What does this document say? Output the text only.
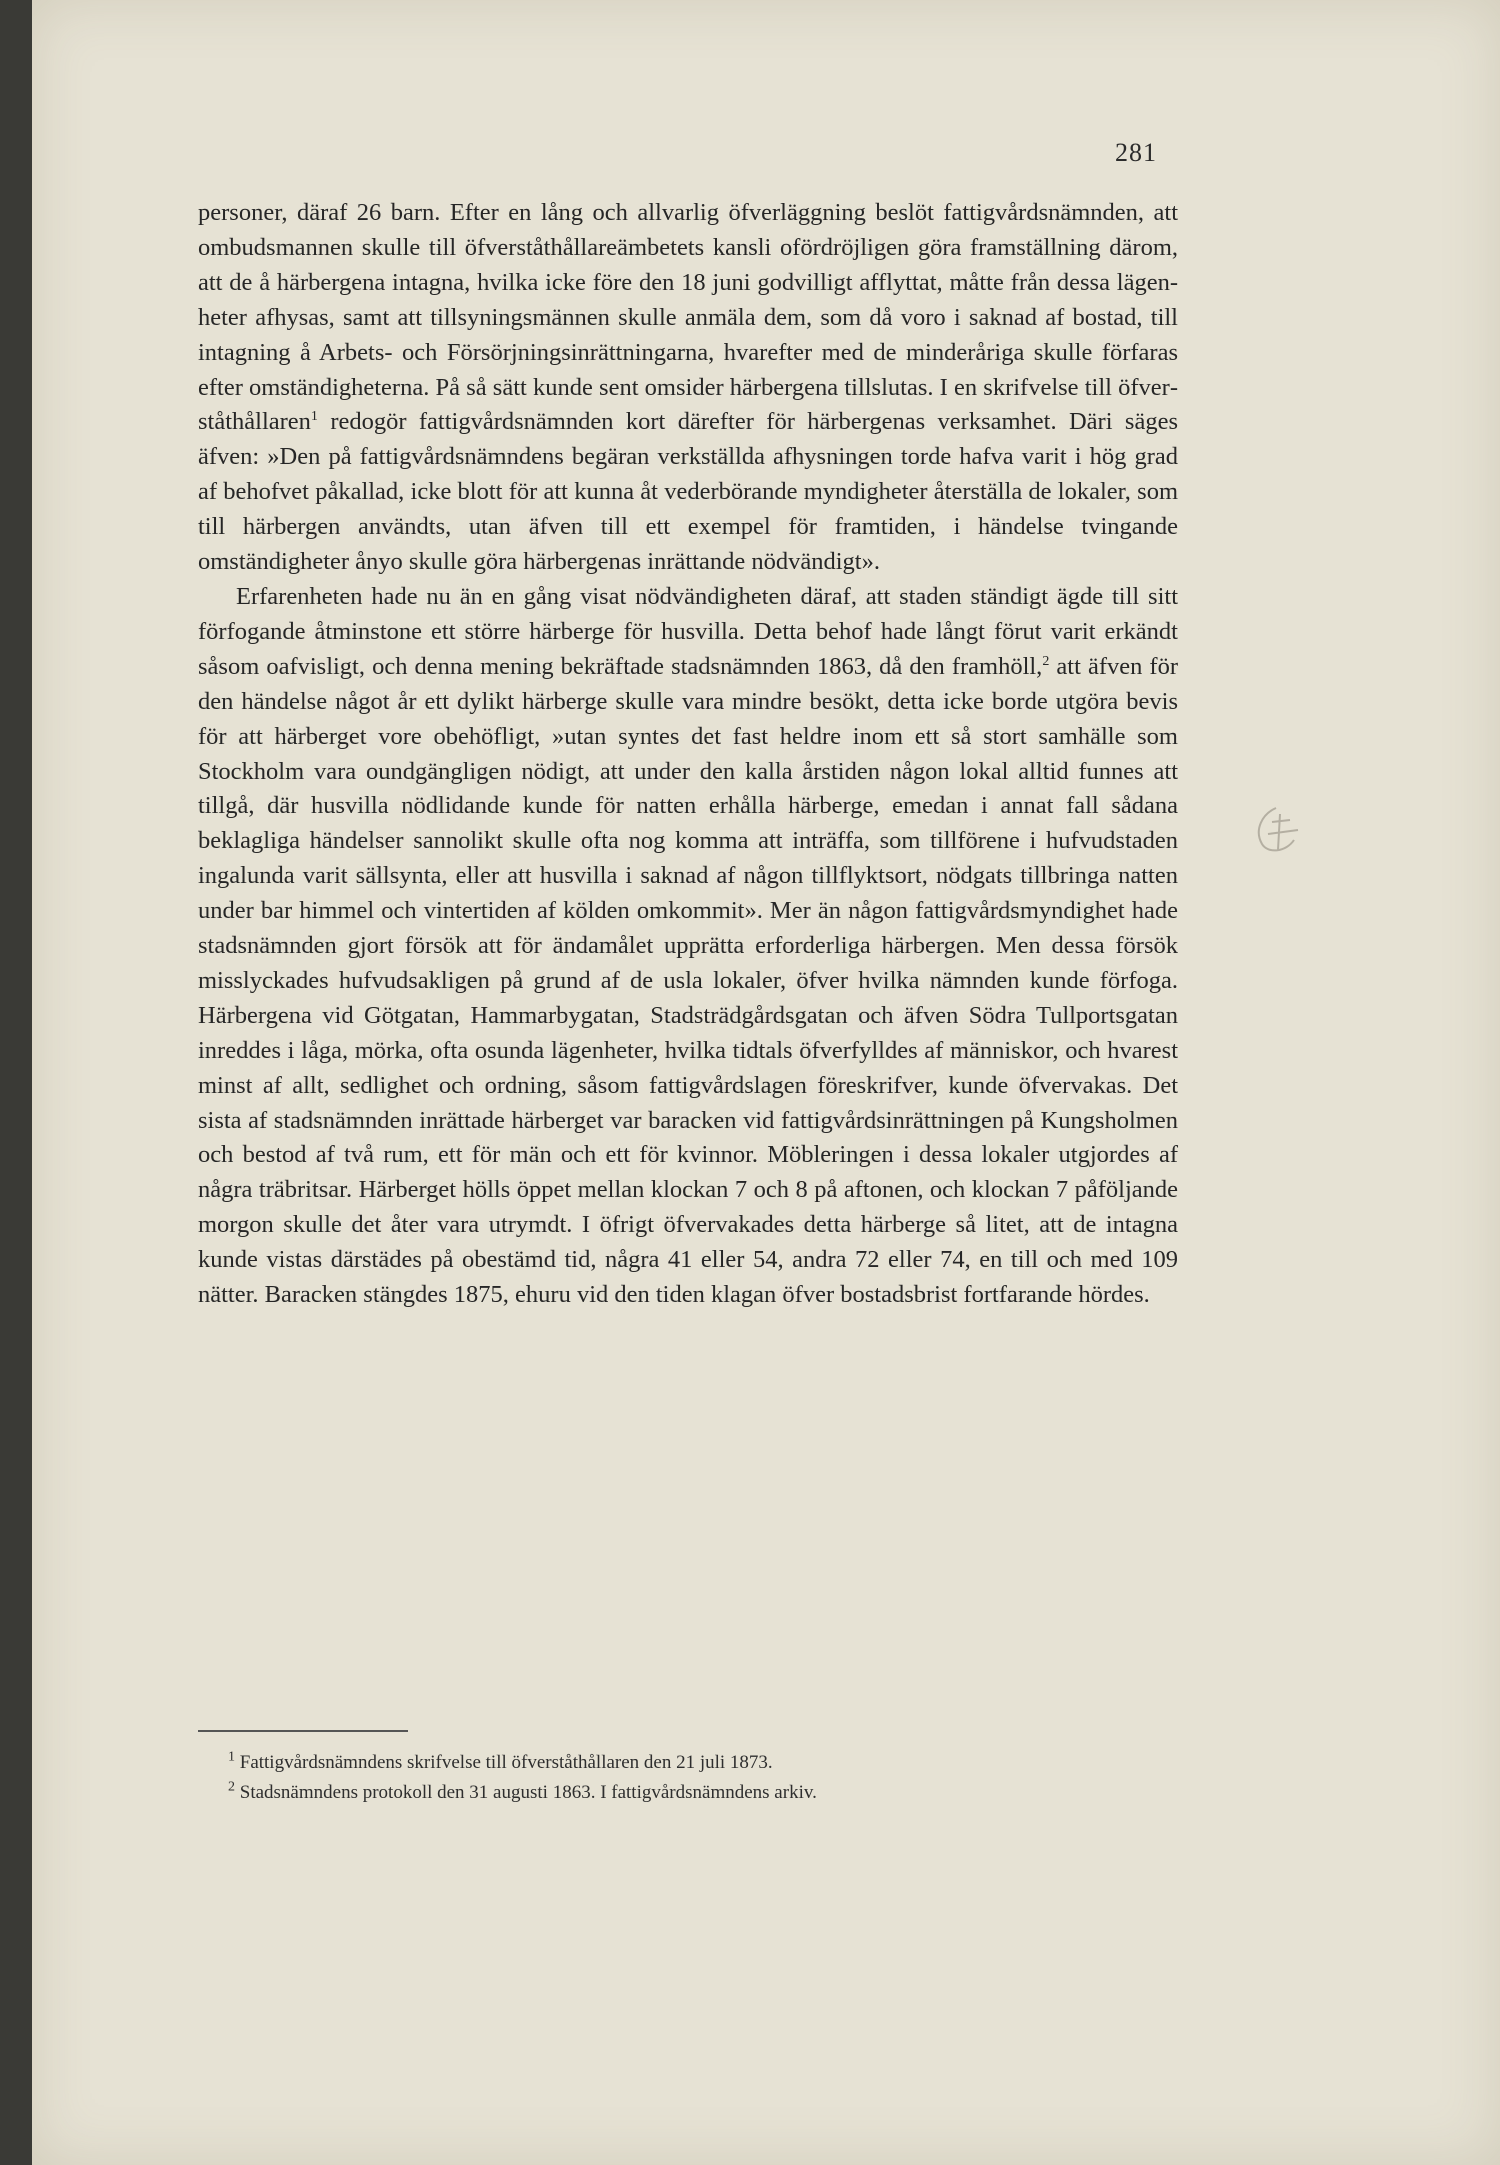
281

personer, däraf 26 barn. Efter en lång och allvarlig öfverläggning beslöt fattigvårdsnämnden, att ombudsmannen skulle till öfverståthållareämbetets kansli ofördröjligen göra framställning därom, att de å härbergena intagna, hvilka icke före den 18 juni godvilligt afflyttat, måtte från dessa lägenheter afhysas, samt att tillsyningsmännen skulle anmäla dem, som då voro i saknad af bostad, till intagning å Arbets- och Försörjningsinrättningarna, hvarefter med de minderåriga skulle förfaras efter omständigheterna. På så sätt kunde sent omsider härbergena tillslutas. I en skrifvelse till öfverståthållaren$^1$ redogör fattigvårdsnämnden kort därefter för härbergenas verksamhet. Däri säges äfven: »Den på fattigvårdsnämndens begäran verkställda afhysningen torde hafva varit i hög grad af behofvet påkallad, icke blott för att kunna åt vederbörande myndigheter återställa de lokaler, som till härbergen användts, utan äfven till ett exempel för framtiden, i händelse tvingande omständigheter ånyo skulle göra härbergenas inrättande nödvändigt».

Erfarenheten hade nu än en gång visat nödvändigheten däraf, att staden ständigt ägde till sitt förfogande åtminstone ett större härberge för husvilla. Detta behof hade långt förut varit erkändt såsom oafvisligt, och denna mening bekräftade stadsnämnden 1863, då den framhöll,$^2$ att äfven för den händelse något år ett dylikt härberge skulle vara mindre besökt, detta icke borde utgöra bevis för att härberget vore obehöfligt, »utan syntes det fast heldre inom ett så stort samhälle som Stockholm vara oundgängligen nödigt, att under den kalla årstiden någon lokal alltid funnes att tillgå, där husvilla nödlidande kunde för natten erhålla härberge, emedan i annat fall sådana beklagliga händelser sannolikt skulle ofta nog komma att inträffa, som tillförene i hufvudstaden ingalunda varit sällsynta, eller att husvilla i saknad af någon tillflyktsort, nödgats tillbringa natten under bar himmel och vintertiden af kölden omkommit». Mer än någon fattigvårdsmyndighet hade stadsnämnden gjort försök att för ändamålet upprätta erforderliga härbergen. Men dessa försök misslyckades hufvudsakligen på grund af de usla lokaler, öfver hvilka nämnden kunde förfoga. Härbergena vid Götgatan, Hammarbygatan, Stadsträdgårdsgatan och äfven Södra Tullportsgatan inreddes i låga, mörka, ofta osunda lägenheter, hvilka tidtals öfverfylldes af människor, och hvarest minst af allt, sedlighet och ordning, såsom fattigvårdslagen föreskrifver, kunde öfvervakas. Det sista af stadsnämnden inrättade härberget var baracken vid fattigvårdsinrättningen på Kungsholmen och bestod af två rum, ett för män och ett för kvinnor. Möbleringen i dessa lokaler utgjordes af några träbritsar. Härberget hölls öppet mellan klockan 7 och 8 på aftonen, och klockan 7 påföljande morgon skulle det åter vara utrymdt. I öfrigt öfvervakades detta härberge så litet, att de intagna kunde vistas därstädes på obestämd tid, några 41 eller 54, andra 72 eller 74, en till och med 109 nätter. Baracken stängdes 1875, ehuru vid den tiden klagan öfver bostadsbrist fortfarande hördes.

$^1$ Fattigvårdsnämndens skrifvelse till öfverståthållaren den 21 juli 1873.
$^2$ Stadsnämndens protokoll den 31 augusti 1863. I fattigvårdsnämndens arkiv.
